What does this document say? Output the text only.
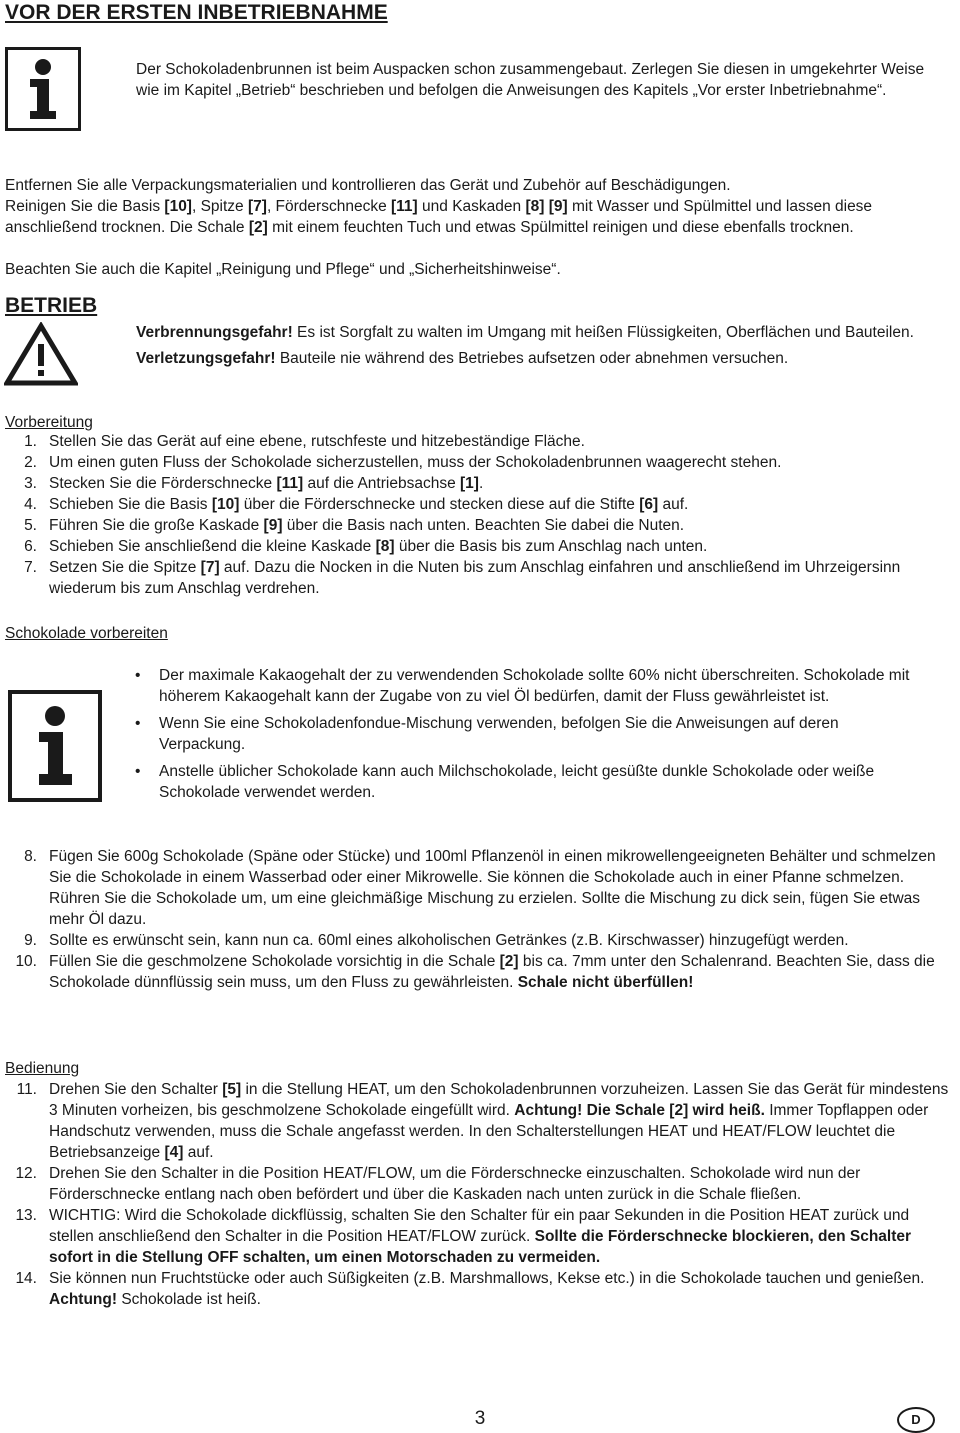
VOR DER ERSTEN INBETRIEBNAHME
Der Schokoladenbrunnen ist beim Auspacken schon zusammengebaut. Zerlegen Sie diesen in umgekehrter Weise wie im Kapitel „Betrieb“ beschrieben und befolgen die Anweisungen des Kapitels „Vor erster Inbetriebnahme“.
Entfernen Sie alle Verpackungsmaterialien und kontrollieren das Gerät und Zubehör auf Beschädigungen.
Reinigen Sie die Basis [10], Spitze [7], Förderschnecke [11] und Kaskaden [8] [9] mit Wasser und Spülmittel und lassen diese anschließend trocknen. Die Schale [2] mit einem feuchten Tuch und etwas Spülmittel reinigen und diese ebenfalls trocknen.
Beachten Sie auch die Kapitel „Reinigung und Pflege“ und „Sicherheitshinweise“.
BETRIEB
Verbrennungsgefahr! Es ist Sorgfalt zu walten im Umgang mit heißen Flüssigkeiten, Oberflächen und Bauteilen.
Verletzungsgefahr! Bauteile nie während des Betriebes aufsetzen oder abnehmen versuchen.
Vorbereitung
1. Stellen Sie das Gerät auf eine ebene, rutschfeste und hitzebeständige Fläche.
2. Um einen guten Fluss der Schokolade sicherzustellen, muss der Schokoladenbrunnen waagerecht stehen.
3. Stecken Sie die Förderschnecke [11] auf die Antriebsachse [1].
4. Schieben Sie die Basis [10] über die Förderschnecke und stecken diese auf die Stifte [6] auf.
5. Führen Sie die große Kaskade [9] über die Basis nach unten. Beachten Sie dabei die Nuten.
6. Schieben Sie anschließend die kleine Kaskade [8] über die Basis bis zum Anschlag nach unten.
7. Setzen Sie die Spitze [7] auf. Dazu die Nocken in die Nuten bis zum Anschlag einfahren und anschließend im Uhrzeigersinn wiederum bis zum Anschlag verdrehen.
Schokolade vorbereiten
• Der maximale Kakaogehalt der zu verwendenden Schokolade sollte 60% nicht überschreiten. Schokolade mit höherem Kakaogehalt kann der Zugabe von zu viel Öl bedürfen, damit der Fluss gewährleistet ist.
• Wenn Sie eine Schokoladenfondue-Mischung verwenden, befolgen Sie die Anweisungen auf deren Verpackung.
• Anstelle üblicher Schokolade kann auch Milchschokolade, leicht gesüßte dunkle Schokolade oder weiße Schokolade verwendet werden.
8. Fügen Sie 600g Schokolade (Späne oder Stücke) und 100ml Pflanzenöl in einen mikrowellengeeigneten Behälter und schmelzen Sie die Schokolade in einem Wasserbad oder einer Mikrowelle. Sie können die Schokolade auch in einer Pfanne schmelzen. Rühren Sie die Schokolade um, um eine gleichmäßige Mischung zu erzielen. Sollte die Mischung zu dick sein, fügen Sie etwas mehr Öl dazu.
9. Sollte es erwünscht sein, kann nun ca. 60ml eines alkoholischen Getränkes (z.B. Kirschwasser) hinzugefügt werden.
10. Füllen Sie die geschmolzene Schokolade vorsichtig in die Schale [2] bis ca. 7mm unter den Schalenrand. Beachten Sie, dass die Schokolade dünnflüssig sein muss, um den Fluss zu gewährleisten. Schale nicht überfüllen!
Bedienung
11. Drehen Sie den Schalter [5] in die Stellung HEAT, um den Schokoladenbrunnen vorzuheizen. Lassen Sie das Gerät für mindestens 3 Minuten vorheizen, bis geschmolzene Schokolade eingefüllt wird. Achtung! Die Schale [2] wird heiß. Immer Topflappen oder Handschutz verwenden, muss die Schale angefasst werden. In den Schalterstellungen HEAT und HEAT/FLOW leuchtet die Betriebsanzeige [4] auf.
12. Drehen Sie den Schalter in die Position HEAT/FLOW, um die Förderschnecke einzuschalten. Schokolade wird nun der Förderschnecke entlang nach oben befördert und über die Kaskaden nach unten zurück in die Schale fließen.
13. WICHTIG: Wird die Schokolade dickflüssig, schalten Sie den Schalter für ein paar Sekunden in die Position HEAT zurück und stellen anschließend den Schalter in die Position HEAT/FLOW zurück. Sollte die Förderschnecke blockieren, den Schalter sofort in die Stellung OFF schalten, um einen Motorschaden zu vermeiden.
14. Sie können nun Fruchtstücke oder auch Süßigkeiten (z.B. Marshmallows, Kekse etc.) in die Schokolade tauchen und genießen. Achtung! Schokolade ist heiß.
3	D
